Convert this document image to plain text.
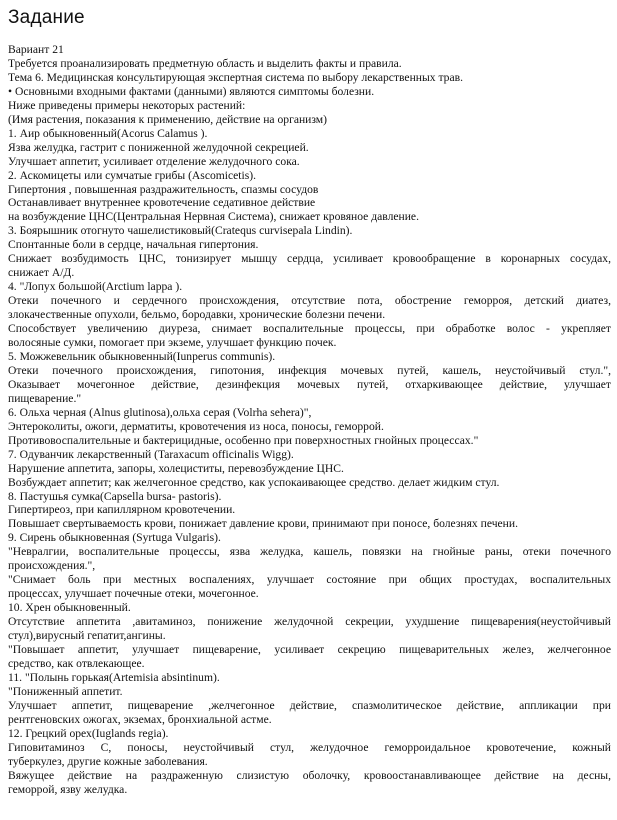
Задание
Вариант 21
Требуется проанализировать предметную область и выделить факты и правила.
Тема 6. Медицинская консультирующая экспертная система по выбору лекарственных трав.
• Основными входными фактами (данными) являются симптомы болезни.
Ниже приведены примеры некоторых растений:
(Имя растения, показания к применению, действие на организм)
1. Аир обыкновенный(Acorus Calamus ).
Язва желудка, гастрит с пониженной желудочной секрецией.
Улучшает аппетит, усиливает отделение желудочного сока.
2. Аскомицеты или сумчатые грибы (Ascomicetis).
Гипертония , повышенная раздражительность, спазмы сосудов
Останавливает внутреннее кровотечение седативное действие
на возбуждение ЦНС(Центральная Нервная Система), снижает кровяное давление.
3. Боярышник отогнуто чашелистиковый(Cratequs curvisepala Lindin).
Спонтанные боли в сердце, начальная гипертония.
Снижает возбудимость ЦНС, тонизирует мышцу сердца, усиливает кровообращение в коронарных сосудах,
снижает А/Д.
4. "Лопух большой(Arctium lappa ).
Отеки почечного и сердечного происхождения, отсутствие пота, обострение геморроя, детский диатез,
злокачественные опухоли, бельмо, бородавки, хронические болезни печени.
Способствует увеличению диуреза, снимает воспалительные процессы, при обработке волос - укрепляет
волосяные сумки, помогает при экземе, улучшает функцию почек.
5. Можжевельник обыкновенный(Iunperus communis).
Отеки почечного происхождения, гипотония, инфекция мочевых путей, кашель, неустойчивый стул.",
Оказывает мочегонное действие, дезинфекция мочевых путей, отхаркивающее действие, улучшает
пищеварение."
6. Ольха черная (Alnus glutinosa),ольха серая (Volrha sehera)",
Энтероколиты, ожоги, дерматиты, кровотечения из носа, поносы, геморрой.
Противовоспалительные и бактерицидные, особенно при поверхностных гнойных процессах."
7. Одуванчик лекарственный (Taraxacum officinalis Wigg).
Нарушение аппетита, запоры, холециститы, перевозбуждение ЦНС.
Возбуждает аппетит; как желчегонное средство, как успокаивающее средство. делает жидким стул.
8. Пастушья сумка(Capsella bursa- pastoris).
Гипертиреоз, при капиллярном кровотечении.
Повышает свертываемость крови, понижает давление крови, принимают при поносе, болезнях печени.
9. Сирень обыкновенная (Syrtuga Vulgaris).
"Невралгии, воспалительные процессы, язва желудка, кашель, повязки на гнойные раны, отеки почечного
происхождения.",
"Снимает боль при местных воспалениях, улучшает состояние при общих простудах, воспалительных
процессах, улучшает почечные отеки, мочегонное.
10. Хрен обыкновенный.
Отсутствие аппетита ,авитаминоз, понижение желудочной секреции, ухудшение пищеварения(неустойчивый
стул),вирусный гепатит,ангины.
"Повышает аппетит, улучшает пищеварение, усиливает секрецию пищеварительных желез, желчегонное
средство, как отвлекающее.
11. "Полынь горькая(Artemisia absintinum).
"Пониженный аппетит.
Улучшает аппетит, пищеварение ,желчегонное действие, спазмолитическое действие, аппликации при
рентгеновских ожогах, экземах, бронхиальной астме.
12. Грецкий орех(Iuglands regia).
Гиповитаминоз С, поносы, неустойчивый стул, желудочное геморроидальное кровотечение, кожный
туберкулез, другие кожные заболевания.
Вяжущее действие на раздраженную слизистую оболочку, кровоостанавливающее действие на десны,
геморрой, язву желудка.
